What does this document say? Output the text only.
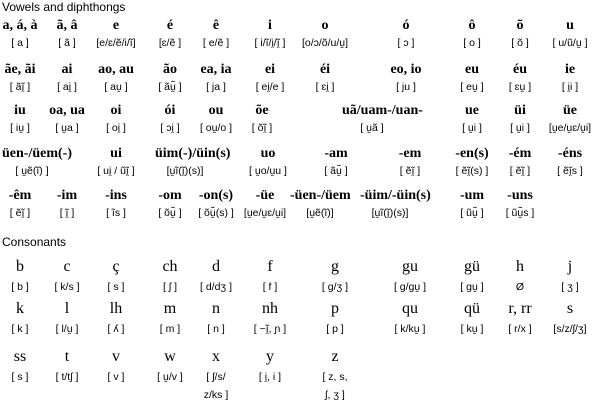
Vowels and diphthongs
a, á, à
[ a ]
ã, â
[ ã ]
e
[e/ɛ/ẽ/i/ĩ]
é
[ɛ/ẽ ]
ê
[ e/ẽ ]
i
[ i/ĩ/i̯/ĩ̯ ]
o
[o/ɔ/õ/u/ṷ]
ó
[ ɔ ]
ô
[ o ]
õ
[ õ ]
u
[ u/ũ/ṷ ]
ãe, ãi
[ ãĩ̯ ]
ai
[ ai̯ ]
ao, au
[ aṷ ]
ão
[ ãṷ̃ ]
ea, ia
[ ja ]
ei
[ ei̯/e ]
éi
[ ɛi̯ ]
eo, io
[ ju ]
eu
[ eṷ ]
éu
[ ɛṷ ]
ie
[ i̯i ]
iu
[ iṷ ]
oa, ua
[ ṷa ]
oi
[ oi̯ ]
ói
[ ɔi̯ ]
ou
[ oṷ/o ]
õe
[ õĩ̯ ]
uã/uam-/uan-
[ ṷã ]
ue
[ ṷi ]
üi
[ ṷi ]
üe
[ṷe/ṷɛ/ṷi]
üen-/üem(-)
[ ṷẽ(ĩ) ]
ui
[ ui̯ / ũĩ̯ ]
üim(-)/üin(s)
[ṷĩ(ĩ̯)(s)]
uo
[ ṷo/ṷu ]
-am
[ ãṷ̃ ]
-em
[ ẽĩ̯ ]
-en(s)
[ ẽĩ̯(s) ]
-ém
[ ẽĩ̯ ]
-éns
[ ẽĩ̯s ]
-êm
[ ẽĩ̯ ]
-im
[ ĩ̯ ]
-ins
[ ĩs ]
-om
[ õṷ̃ ]
-on(s)
[ õṷ̃(s) ]
-üe
[ṷe/ṷɛ/ṷi]
-üen-/üem
[ṷẽ(ĩ)]
-üim/-üin(s)
[ṷĩ(ĩ̯)(s)]
-um
[ ũṷ̃ ]
-uns
[ ũṷ̃s ]
Consonants
b
[ b ]
c
[ k/s ]
ç
[ s ]
ch
[ ʃ ]
d
[ d/dʒ ]
f
[ f ]
g
[ g/ʒ ]
gu
[ g/gṷ ]
gü
[ gṷ ]
h
Ø
j
[ ʒ ]
k
[ k ]
l
[ l/ṷ ]
lh
[ ʎ ]
m
[ m ]
n
[ n ]
nh
[ ~ĩ̯, ɲ ]
p
[ p ]
qu
[ k/kṷ ]
qü
[ kṷ ]
r, rr
[ r/x ]
s
[s/z/ʃ/ʒ]
ss
[ s ]
t
[ t/tʃ ]
v
[ v ]
w
[ ṷ/v ]
x
[ ʃ/s/
z/ks ]
y
[ i̯, i ]
z
[ z, s,
ʃ, ʒ ]
